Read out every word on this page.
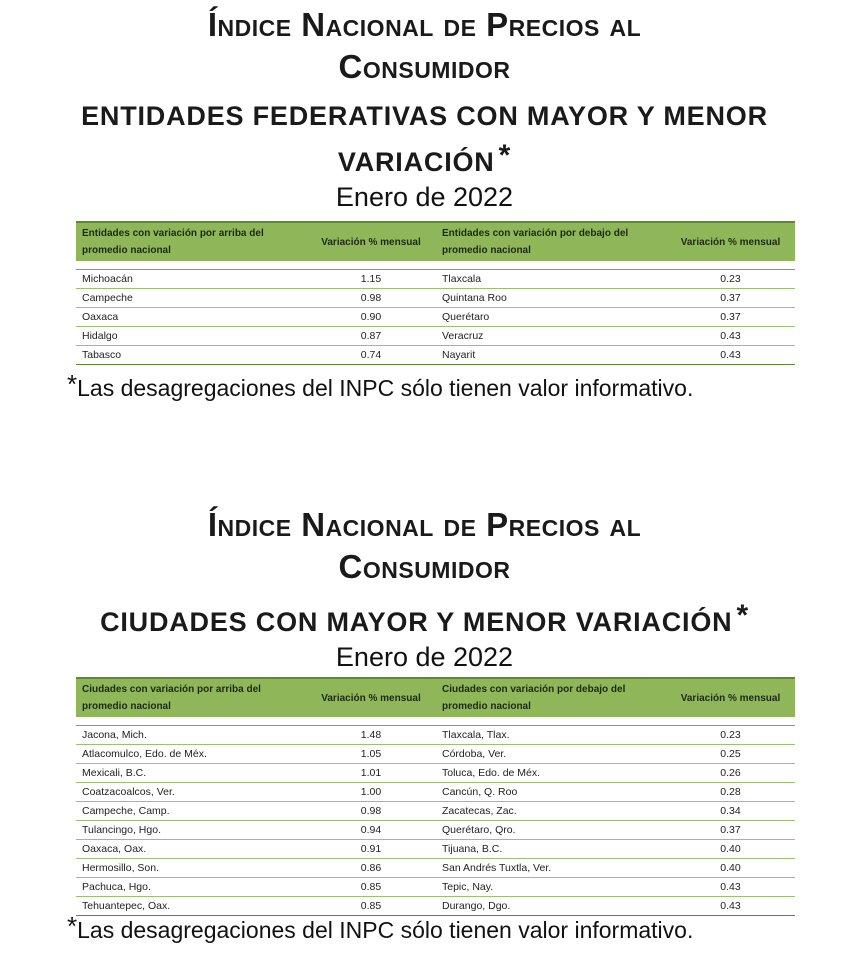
Índice Nacional de Precios al
Consumidor
ENTIDADES FEDERATIVAS CON MAYOR Y MENOR
VARIACIÓN *
Enero de 2022
Entidades con variación por arriba del promedio nacional	Variación % mensual	Entidades con variación por debajo del promedio nacional	Variación % mensual

Michoacán	1.15	Tlaxcala	0.23
Campeche	0.98	Quintana Roo	0.37
Oaxaca	0.90	Querétaro	0.37
Hidalgo	0.87	Veracruz	0.43
Tabasco	0.74	Nayarit	0.43
*Las desagregaciones del INPC sólo tienen valor informativo.
Índice Nacional de Precios al
Consumidor
CIUDADES CON MAYOR Y MENOR VARIACIÓN *
Enero de 2022
Ciudades con variación por arriba del promedio nacional	Variación % mensual	Ciudades con variación por debajo del promedio nacional	Variación % mensual

Jacona, Mich.	1.48	Tlaxcala, Tlax.	0.23
Atlacomulco, Edo. de Méx.	1.05	Córdoba, Ver.	0.25
Mexicali, B.C.	1.01	Toluca, Edo. de Méx.	0.26
Coatzacoalcos, Ver.	1.00	Cancún, Q. Roo	0.28
Campeche, Camp.	0.98	Zacatecas, Zac.	0.34
Tulancingo, Hgo.	0.94	Querétaro, Qro.	0.37
Oaxaca, Oax.	0.91	Tijuana, B.C.	0.40
Hermosillo, Son.	0.86	San Andrés Tuxtla, Ver.	0.40
Pachuca, Hgo.	0.85	Tepic, Nay.	0.43
Tehuantepec, Oax.	0.85	Durango, Dgo.	0.43
*Las desagregaciones del INPC sólo tienen valor informativo.
